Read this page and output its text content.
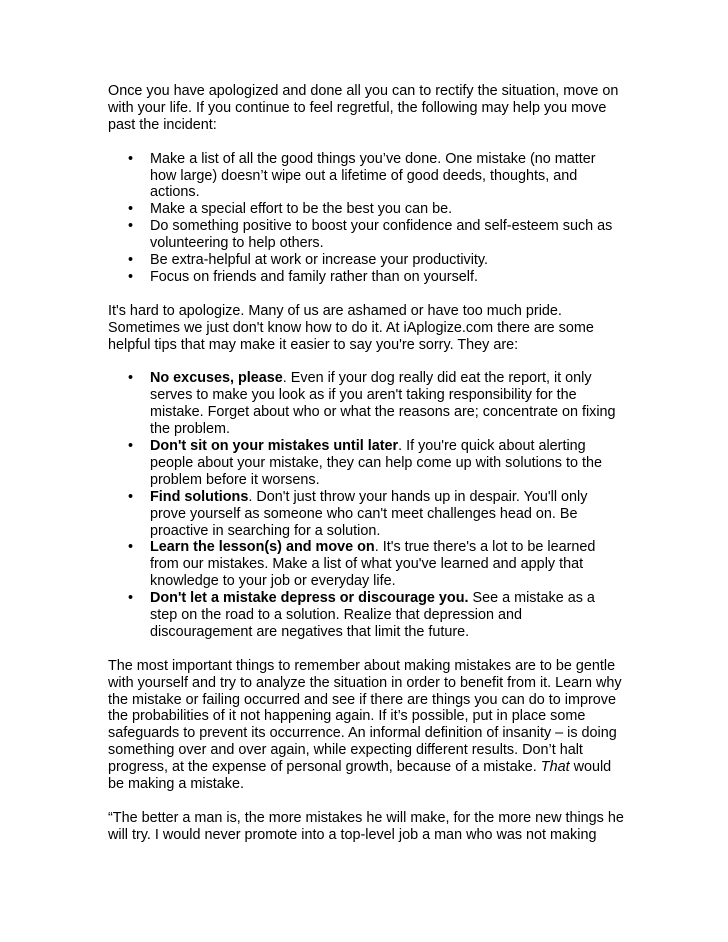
Once you have apologized and done all you can to rectify the situation, move on with your life. If you continue to feel regretful, the following may help you move past the incident:

• Make a list of all the good things you’ve done. One mistake (no matter how large) doesn’t wipe out a lifetime of good deeds, thoughts, and actions.
• Make a special effort to be the best you can be.
• Do something positive to boost your confidence and self-esteem such as volunteering to help others.
• Be extra-helpful at work or increase your productivity.
• Focus on friends and family rather than on yourself.

It's hard to apologize. Many of us are ashamed or have too much pride. Sometimes we just don't know how to do it. At iAplogize.com there are some helpful tips that may make it easier to say you're sorry. They are:

• No excuses, please. Even if your dog really did eat the report, it only serves to make you look as if you aren't taking responsibility for the mistake. Forget about who or what the reasons are; concentrate on fixing the problem.
• Don't sit on your mistakes until later. If you're quick about alerting people about your mistake, they can help come up with solutions to the problem before it worsens.
• Find solutions. Don't just throw your hands up in despair. You'll only prove yourself as someone who can't meet challenges head on. Be proactive in searching for a solution.
• Learn the lesson(s) and move on. It's true there's a lot to be learned from our mistakes. Make a list of what you've learned and apply that knowledge to your job or everyday life.
• Don't let a mistake depress or discourage you. See a mistake as a step on the road to a solution. Realize that depression and discouragement are negatives that limit the future.

The most important things to remember about making mistakes are to be gentle with yourself and try to analyze the situation in order to benefit from it. Learn why the mistake or failing occurred and see if there are things you can do to improve the probabilities of it not happening again. If it’s possible, put in place some safeguards to prevent its occurrence. An informal definition of insanity – is doing something over and over again, while expecting different results. Don’t halt progress, at the expense of personal growth, because of a mistake. That would be making a mistake.

“The better a man is, the more mistakes he will make, for the more new things he will try. I would never promote into a top-level job a man who was not making
